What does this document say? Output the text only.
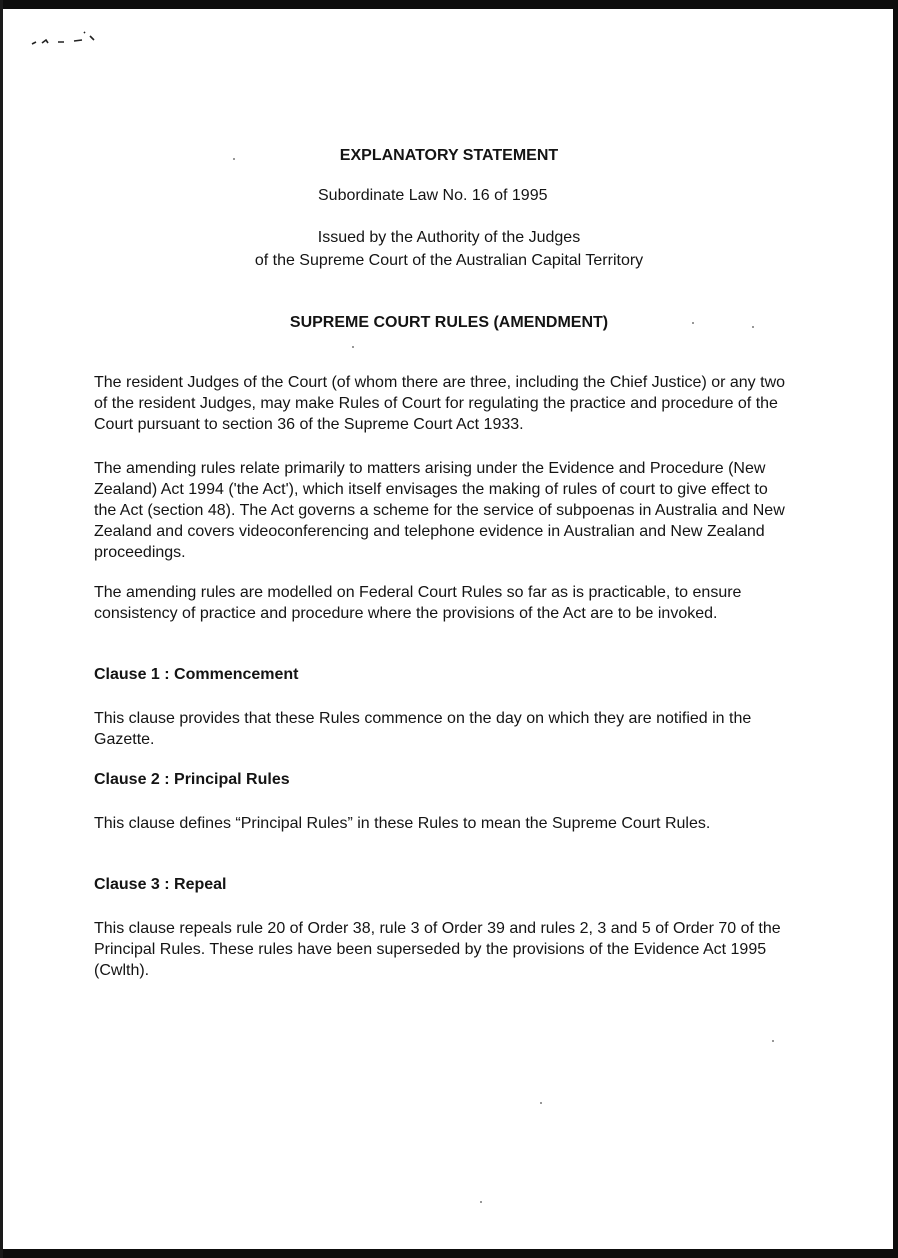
EXPLANATORY STATEMENT
Subordinate Law No. 16 of 1995
Issued by the Authority of the Judges
of the Supreme Court of the Australian Capital Territory
SUPREME COURT RULES (AMENDMENT)

The resident Judges of the Court (of whom there are three, including the Chief Justice) or any two of the resident Judges, may make Rules of Court for regulating the practice and procedure of the Court pursuant to section 36 of the Supreme Court Act 1933.

The amending rules relate primarily to matters arising under the Evidence and Procedure (New Zealand) Act 1994 ('the Act'), which itself envisages the making of rules of court to give effect to the Act (section 48). The Act governs a scheme for the service of subpoenas in Australia and New Zealand and covers videoconferencing and telephone evidence in Australian and New Zealand proceedings.

The amending rules are modelled on Federal Court Rules so far as is practicable, to ensure consistency of practice and procedure where the provisions of the Act are to be invoked.

Clause 1 : Commencement

This clause provides that these Rules commence on the day on which they are notified in the Gazette.

Clause 2 : Principal Rules

This clause defines “Principal Rules” in these Rules to mean the Supreme Court Rules.

Clause 3 : Repeal

This clause repeals rule 20 of Order 38, rule 3 of Order 39 and rules 2, 3 and 5 of Order 70 of the Principal Rules. These rules have been superseded by the provisions of the Evidence Act 1995 (Cwlth).
